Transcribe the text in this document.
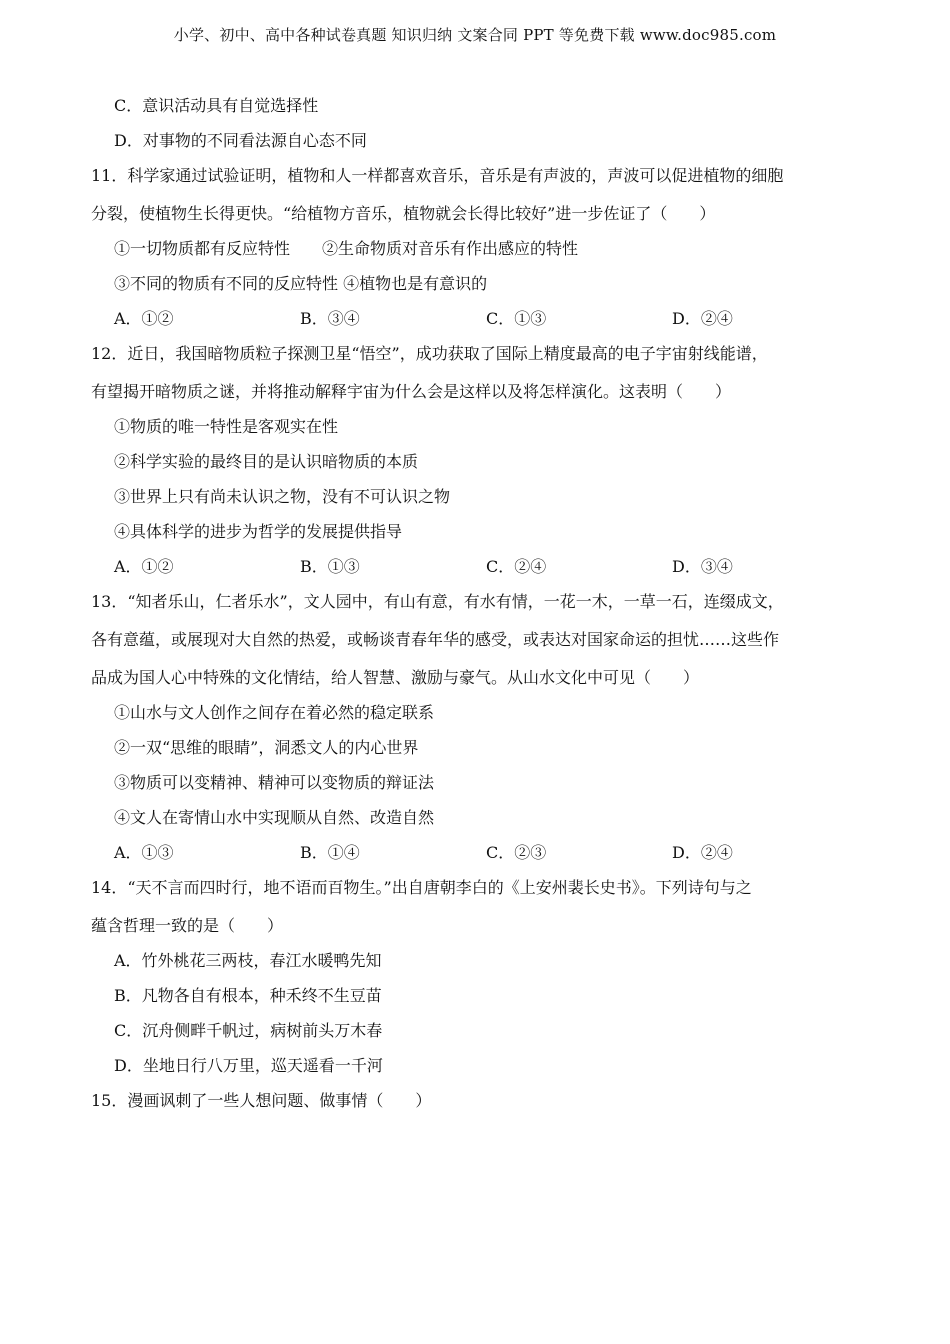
小学、初中、高中各种试卷真题 知识归纳 文案合同 PPT 等免费下载 www.doc985.com

C．意识活动具有自觉选择性

D．对事物的不同看法源自心态不同

11．科学家通过试验证明，植物和人一样都喜欢音乐，音乐是有声波的，声波可以促进植物的细胞

分裂，使植物生长得更快。“给植物方音乐，植物就会长得比较好”进一步佐证了（　　）

①一切物质都有反应特性　　②生命物质对音乐有作出感应的特性

③不同的物质有不同的反应特性 ④植物也是有意识的

A．①②	B．③④	C．①③	D．②④

12．近日，我国暗物质粒子探测卫星“悟空”，成功获取了国际上精度最高的电子宇宙射线能谱，

有望揭开暗物质之谜，并将推动解释宇宙为什么会是这样以及将怎样演化。这表明（　　）

①物质的唯一特性是客观实在性

②科学实验的最终目的是认识暗物质的本质

③世界上只有尚未认识之物，没有不可认识之物

④具体科学的进步为哲学的发展提供指导

A．①②	B．①③	C．②④	D．③④

13．“知者乐山，仁者乐水”，文人园中，有山有意，有水有情，一花一木，一草一石，连缀成文，

各有意蕴，或展现对大自然的热爱，或畅谈青春年华的感受，或表达对国家命运的担忧……这些作

品成为国人心中特殊的文化情结，给人智慧、激励与豪气。从山水文化中可见（　　）

①山水与文人创作之间存在着必然的稳定联系

②一双“思维的眼睛”，洞悉文人的内心世界

③物质可以变精神、精神可以变物质的辩证法

④文人在寄情山水中实现顺从自然、改造自然

A．①③	B．①④	C．②③	D．②④

14．“天不言而四时行，地不语而百物生。”出自唐朝李白的《上安州裴长史书》。下列诗句与之

蕴含哲理一致的是（　　）

A．竹外桃花三两枝，春江水暖鸭先知

B．凡物各自有根本，种禾终不生豆苗

C．沉舟侧畔千帆过，病树前头万木春

D．坐地日行八万里，巡天遥看一千河

15．漫画讽刺了一些人想问题、做事情（　　）
